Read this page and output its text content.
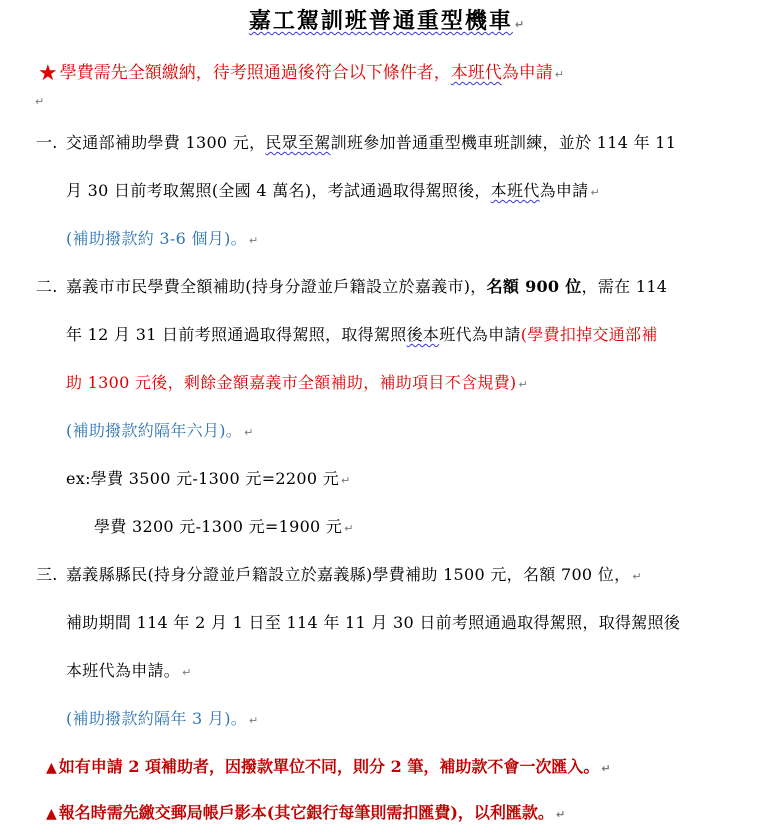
嘉工駕訓班普通重型機車 ↵
★ 學費需先全額繳納，待考照通過後符合以下條件者，本班代為申請 ↵
↵
一. 交通部補助學費 1300 元，民眾至駕訓班參加普通重型機車班訓練，並於 114 年 11
月 30 日前考取駕照(全國 4 萬名)，考試通過取得駕照後，本班代為申請 ↵
(補助撥款約 3-6 個月)。 ↵
二. 嘉義市市民學費全額補助(持身分證並戶籍設立於嘉義市)，名額 900 位，需在 114
年 12 月 31 日前考照通過取得駕照，取得駕照後本班代為申請(學費扣掉交通部補
助 1300 元後，剩餘金額嘉義市全額補助，補助項目不含規費) ↵
(補助撥款約隔年六月)。 ↵
ex:學費 3500 元-1300 元=2200 元 ↵
學費 3200 元-1300 元=1900 元 ↵
三. 嘉義縣縣民(持身分證並戶籍設立於嘉義縣)學費補助 1500 元，名額 700 位， ↵
補助期間 114 年 2 月 1 日至 114 年 11 月 30 日前考照通過取得駕照，取得駕照後
本班代為申請。 ↵
(補助撥款約隔年 3 月)。 ↵
▲ 如有申請 2 項補助者，因撥款單位不同，則分 2 筆，補助款不會一次匯入。 ↵
▲ 報名時需先繳交郵局帳戶影本(其它銀行每筆則需扣匯費)，以利匯款。 ↵
